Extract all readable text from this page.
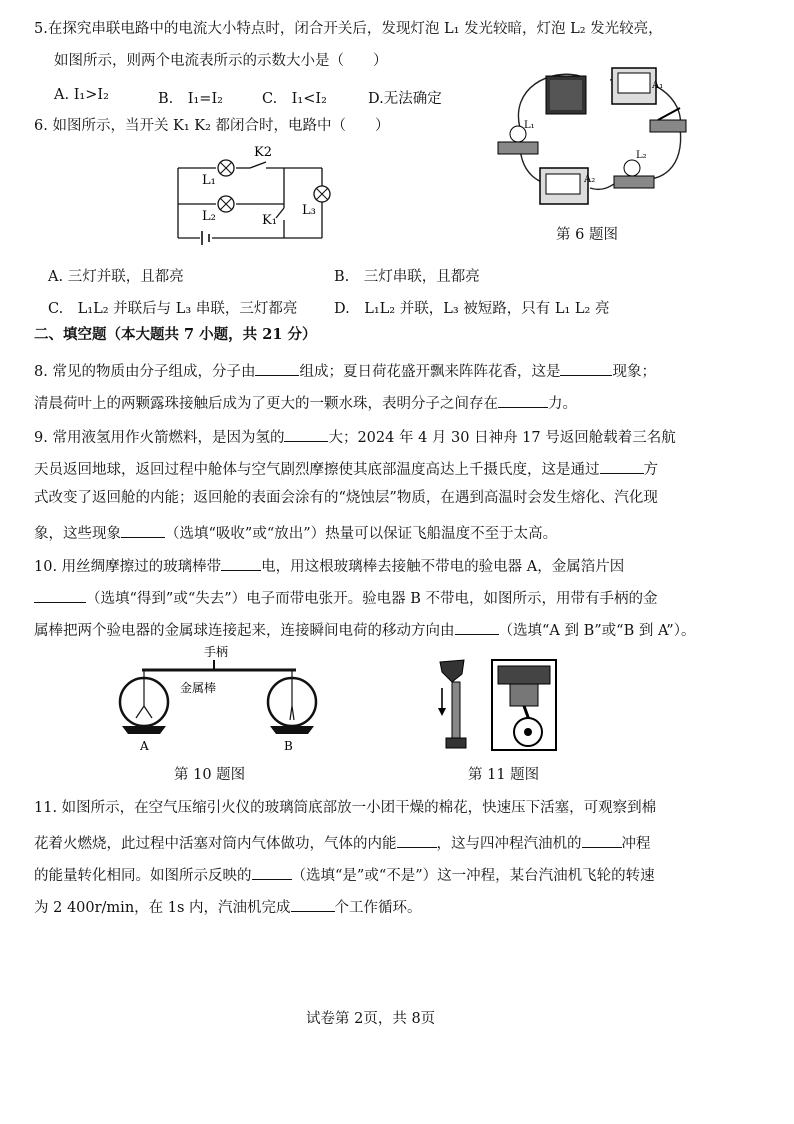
5.在探究串联电路中的电流大小特点时，闭合开关后，发现灯泡 L₁ 发光较暗，灯泡 L₂ 发光较亮，
如图所示，则两个电流表所示的示数大小是（　　）
A. I₁>I₂	B.　I₁=I₂	C.　I₁<I₂	D.无法确定
6. 如图所示，当开关 K₁ K₂ 都闭合时，电路中（　　）
L₁
K2
L₂	K₁
L₃
A₁
L₁
A₂
L₂
第 6 题图
A. 三灯并联，且都亮	B.　三灯串联，且都亮
C.　L₁L₂ 并联后与 L₃ 串联，三灯都亮	D.　L₁L₂ 并联，L₃ 被短路，只有 L₁ L₂ 亮
二、填空题（本大题共 7 小题，共 21 分）
8. 常见的物质由分子组成，分子由	组成；夏日荷花盛开飘来阵阵花香，这是	现象；
清晨荷叶上的两颗露珠接触后成为了更大的一颗水珠，表明分子之间存在	力。
9. 常用液氢用作火箭燃料，是因为氢的	大；2024 年 4 月 30 日神舟 17 号返回舱载着三名航
天员返回地球，返回过程中舱体与空气剧烈摩擦使其底部温度高达上千摄氏度，这是通过	方
式改变了返回舱的内能；返回舱的表面会涂有的“烧蚀层”物质，在遇到高温时会发生熔化、汽化现
象，这些现象	（选填“吸收”或“放出”）热量可以保证飞船温度不至于太高。
10. 用丝绸摩擦过的玻璃棒带	电，用这根玻璃棒去接触不带电的验电器 A，金属箔片因
（选填“得到”或“失去”）电子而带电张开。验电器 B 不带电，如图所示，用带有手柄的金
属棒把两个验电器的金属球连接起来，连接瞬间电荷的移动方向由	（选填“A 到 B”或“B 到 A”）。
手柄
金属棒
A	B
第 10 题图	第 11 题图
11. 如图所示，在空气压缩引火仪的玻璃筒底部放一小团干燥的棉花，快速压下活塞，可观察到棉
花着火燃烧，此过程中活塞对筒内气体做功，气体的内能	，这与四冲程汽油机的	冲程
的能量转化相同。如图所示反映的	（选填“是”或“不是”）这一冲程，某台汽油机飞轮的转速
为 2 400r/min，在 1s 内，汽油机完成	个工作循环。
试卷第 2页，共 8页
